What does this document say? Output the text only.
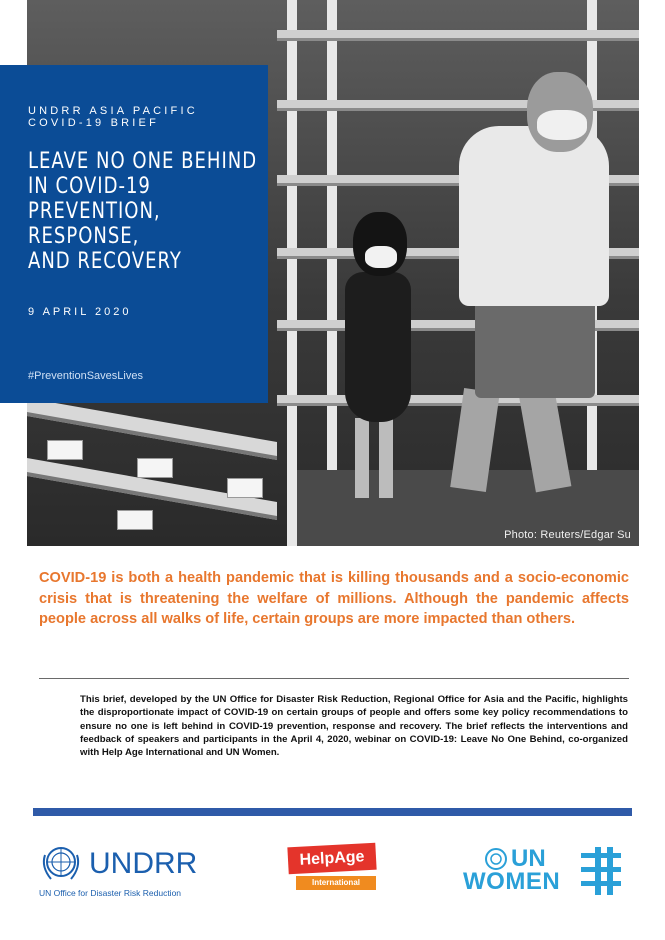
Photo: Reuters/Edgar Su
UNDRR ASIA PACIFIC
COVID-19 BRIEF
LEAVE NO ONE BEHIND
IN COVID-19
PREVENTION,
RESPONSE,
AND RECOVERY
9 APRIL 2020
#PreventionSavesLives
COVID-19 is both a health pandemic that is killing thousands and a socio-economic crisis that is threatening the welfare of millions. Although the pandemic affects people across all walks of life, certain groups are more impacted than others.
This brief, developed by the UN Office for Disaster Risk Reduction, Regional Office for Asia and the Pacific, highlights the disproportionate impact of COVID-19 on certain groups of people and offers some key policy recommendations to ensure no one is left behind in COVID-19 prevention, response and recovery. The brief reflects the interventions and feedback of speakers and participants in the April 4, 2020, webinar on COVID-19: Leave No One Behind, co-organized with Help Age International and UN Women.
UNDRR
UN Office for Disaster Risk Reduction
HelpAge
International
UN
WOMEN
